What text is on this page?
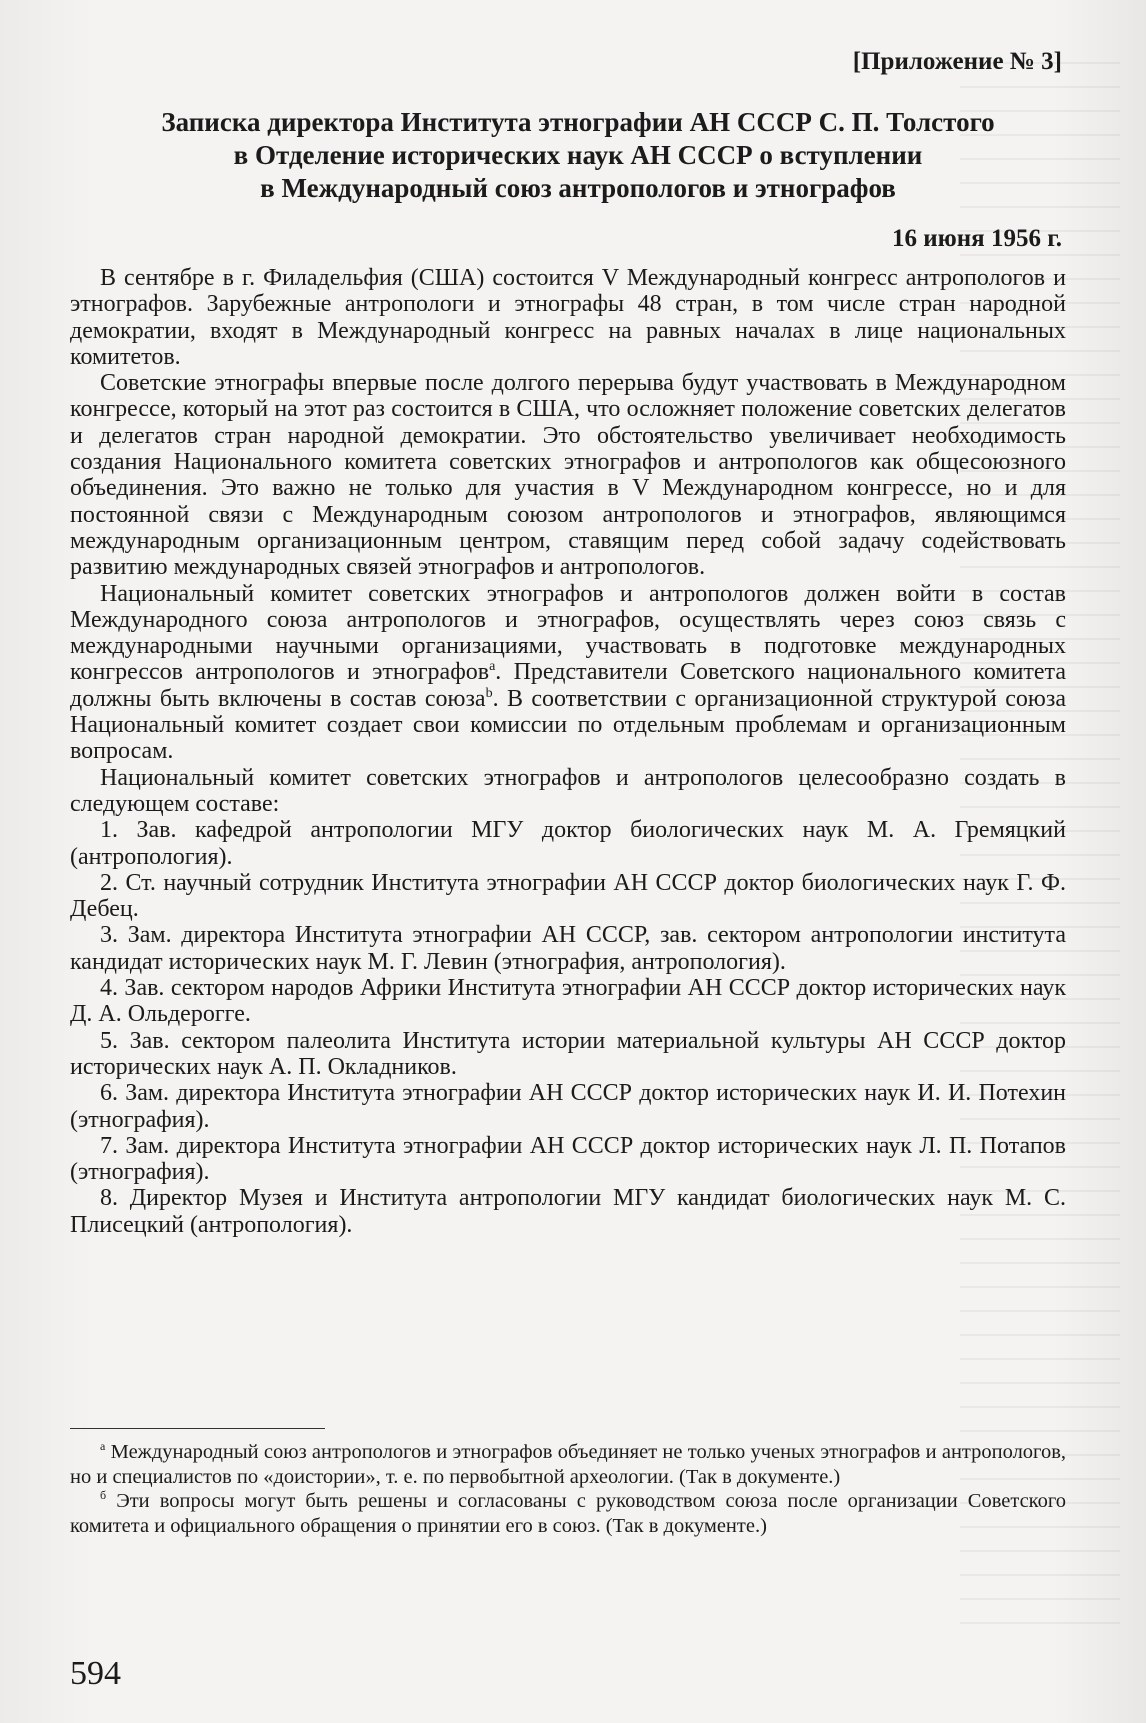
[Приложение № 3]
Записка директора Института этнографии АН СССР С. П. Толстого
в Отделение исторических наук АН СССР о вступлении
в Международный союз антропологов и этнографов
16 июня 1956 г.

В сентябре в г. Филадельфия (США) состоится V Международный конгресс антропологов и этнографов. Зарубежные антропологи и этнографы 48 стран, в том числе стран народной демократии, входят в Международный конгресс на равных началах в лице национальных комитетов.

Советские этнографы впервые после долгого перерыва будут участвовать в Международном конгрессе, который на этот раз состоится в США, что осложняет положение советских делегатов и делегатов стран народной демократии. Это обстоятельство увеличивает необходимость создания Национального комитета советских этнографов и антропологов как общесоюзного объединения. Это важно не только для участия в V Международном конгрессе, но и для постоянной связи с Международным союзом антропологов и этнографов, являющимся международным организационным центром, ставящим перед собой задачу содействовать развитию международных связей этнографов и антропологов.

Национальный комитет советских этнографов и антропологов должен войти в состав Международного союза антропологов и этнографов, осуществлять через союз связь с международными научными организациями, участвовать в подготовке международных конгрессов антропологов и этнографов$^a$. Представители Советского национального комитета должны быть включены в состав союза$^b$. В соответствии с организационной структурой союза Национальный комитет создает свои комиссии по отдельным проблемам и организационным вопросам.

Национальный комитет советских этнографов и антропологов целесообразно создать в следующем составе:

1. Зав. кафедрой антропологии МГУ доктор биологических наук М. А. Гремяцкий (антропология).

2. Ст. научный сотрудник Института этнографии АН СССР доктор биологических наук Г. Ф. Дебец.

3. Зам. директора Института этнографии АН СССР, зав. сектором антропологии института кандидат исторических наук М. Г. Левин (этнография, антропология).

4. Зав. сектором народов Африки Института этнографии АН СССР доктор исторических наук Д. А. Ольдерогге.

5. Зав. сектором палеолита Института истории материальной культуры АН СССР доктор исторических наук А. П. Окладников.

6. Зам. директора Института этнографии АН СССР доктор исторических наук И. И. Потехин (этнография).

7. Зам. директора Института этнографии АН СССР доктор исторических наук Л. П. Потапов (этнография).

8. Директор Музея и Института антропологии МГУ кандидат биологических наук М. С. Плисецкий (антропология).

$^a$ Международный союз антропологов и этнографов объединяет не только ученых этнографов и антропологов, но и специалистов по «доистории», т. е. по первобытной археологии. (Так в документе.)

$^б$ Эти вопросы могут быть решены и согласованы с руководством союза после организации Советского комитета и официального обращения о принятии его в союз. (Так в документе.)

594
